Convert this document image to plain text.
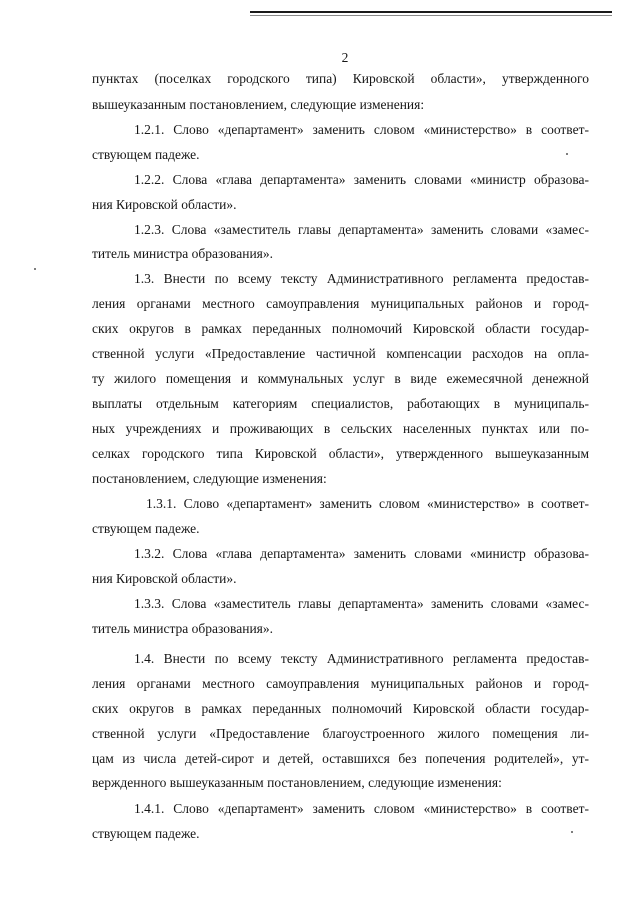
2
пунктах (поселках городского типа) Кировской области», утвержденного
вышеуказанным постановлением, следующие изменения:
1.2.1. Слово «департамент» заменить словом «министерство» в соответ-
ствующем падеже.
1.2.2. Слова «глава департамента» заменить словами «министр образова-
ния Кировской области».
1.2.3. Слова «заместитель главы департамента» заменить словами «замес-
титель министра образования».
1.3. Внести по всему тексту Административного регламента предостав-
ления органами местного самоуправления муниципальных районов и город-
ских округов в рамках переданных полномочий Кировской области государ-
ственной услуги «Предоставление частичной компенсации расходов на опла-
ту жилого помещения и коммунальных услуг в виде ежемесячной денежной
выплаты отдельным категориям специалистов, работающих в муниципаль-
ных учреждениях и проживающих в сельских населенных пунктах или по-
селках городского типа Кировской области», утвержденного вышеуказанным
постановлением, следующие изменения:
1.3.1. Слово «департамент» заменить словом «министерство» в соответ-
ствующем падеже.
1.3.2. Слова «глава департамента» заменить словами «министр образова-
ния Кировской области».
1.3.3. Слова «заместитель главы департамента» заменить словами «замес-
титель министра образования».
1.4. Внести по всему тексту Административного регламента предостав-
ления органами местного самоуправления муниципальных районов и город-
ских округов в рамках переданных полномочий Кировской области государ-
ственной услуги «Предоставление благоустроенного жилого помещения ли-
цам из числа детей-сирот и детей, оставшихся без попечения родителей», ут-
вержденного вышеуказанным постановлением, следующие изменения:
1.4.1. Слово «департамент» заменить словом «министерство» в соответ-
ствующем падеже.
